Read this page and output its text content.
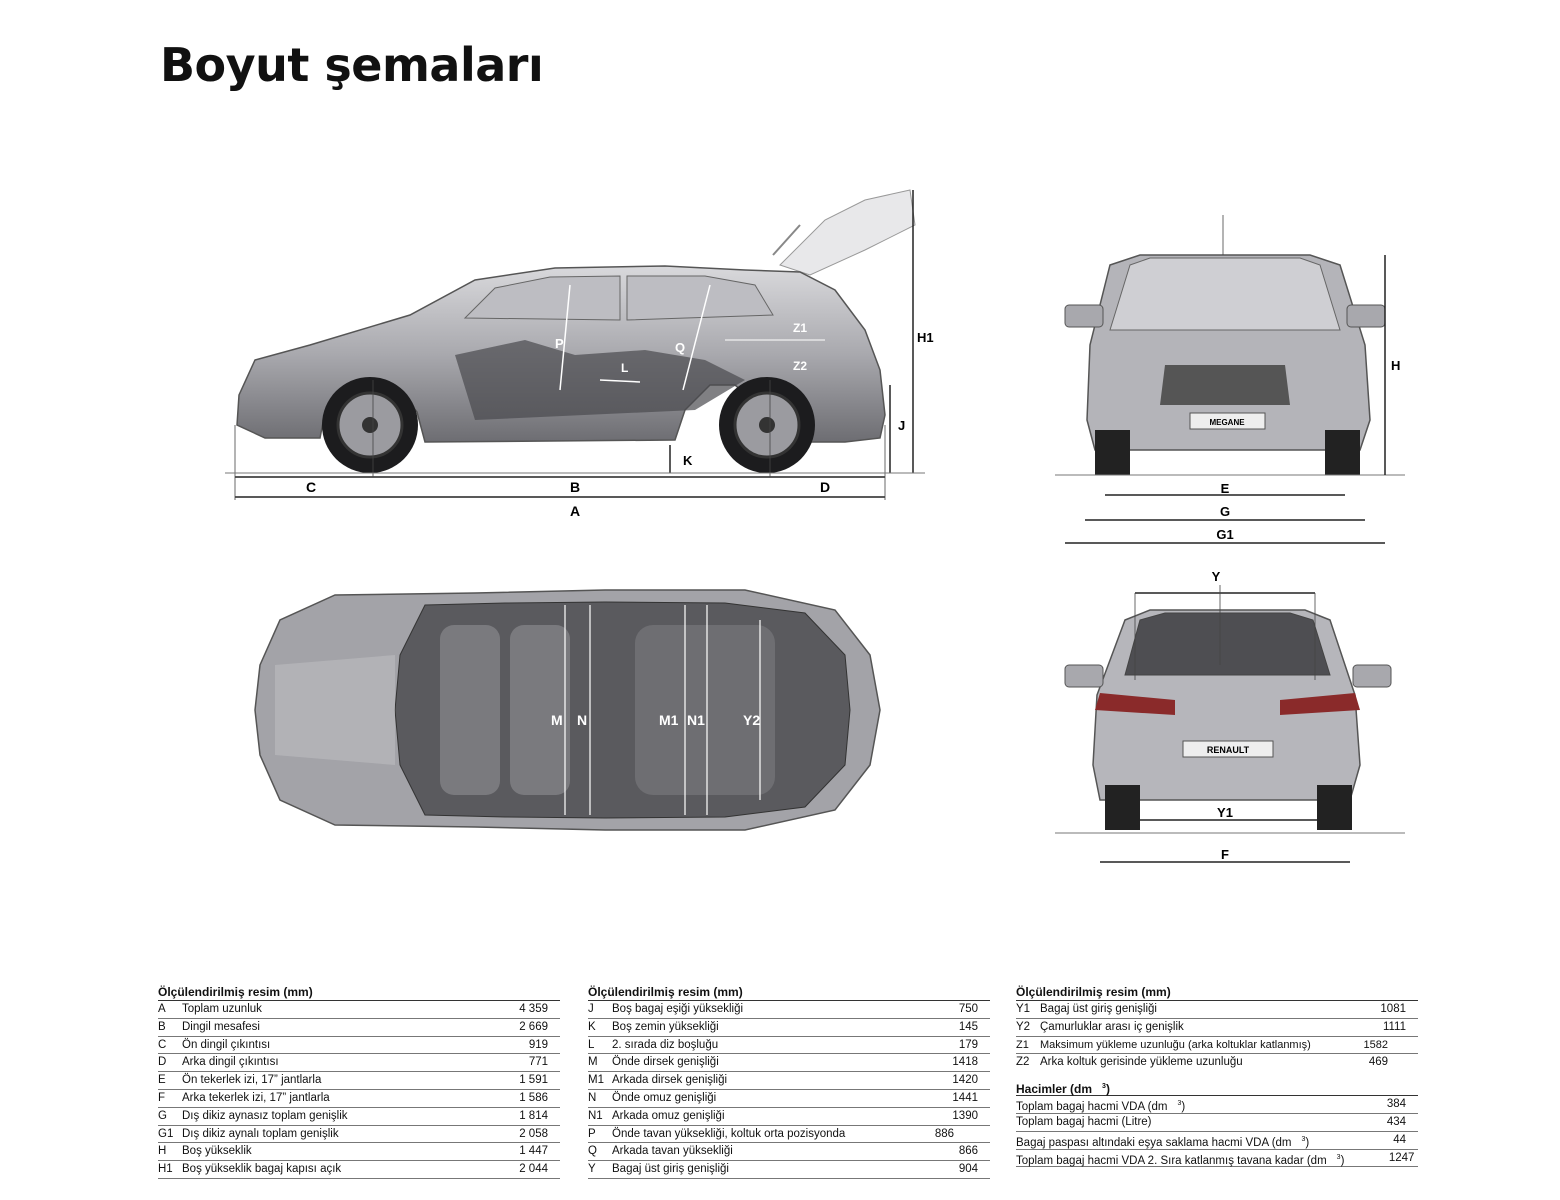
Boyut şemaları
C	B	D
A
K
J
H1
P	Q
L
Z1
Z2
MEGANE
H
E
G
G1
M N	M1 N1	Y2
RENAULT
Y
Y1
F
Ölçülendirilmiş resim (mm)
A	Toplam uzunluk	4 359
B	Dingil mesafesi	2 669
C	Ön dingil çıkıntısı	919
D	Arka dingil çıkıntısı	771
E	Ön tekerlek izi, 17” jantlarla	1 591
F	Arka tekerlek izi, 17” jantlarla	1 586
G	Dış dikiz aynasız toplam genişlik	1 814
G1 Dış dikiz aynalı toplam genişlik	2 058
H	Boş yükseklik	1 447
H1 Boş yükseklik bagaj kapısı açık	2 044
Ölçülendirilmiş resim (mm)
J	Boş bagaj eşiği yüksekliği	750
K	Boş zemin yüksekliği	145
L	2. sırada diz boşluğu	179
M	Önde dirsek genişliği	1418
M1 Arkada dirsek genişliği	1420
N	Önde omuz genişliği	1441
N1 Arkada omuz genişliği	1390
P	Önde tavan yüksekliği, koltuk orta pozisyonda	886
Q	Arkada tavan yüksekliği	866
Y	Bagaj üst giriş genişliği	904
Ölçülendirilmiş resim (mm)
Y1 Bagaj üst giriş genişliği	1081
Y2 Çamurluklar arası iç genişlik	1111
Z1	Maksimum yükleme uzunluğu (arka koltuklar katlanmış)	1582
Z2 Arka koltuk gerisinde yükleme uzunluğu	469
Hacimler (dm $^3$)
Toplam bagaj hacmi VDA (dm $^3$)	384
Toplam bagaj hacmi (Litre)	434
Bagaj paspası altındaki eşya saklama hacmi VDA (dm $^3$)	44
Toplam bagaj hacmi VDA 2. Sıra katlanmış tavana kadar (dm $^3$)	1247
